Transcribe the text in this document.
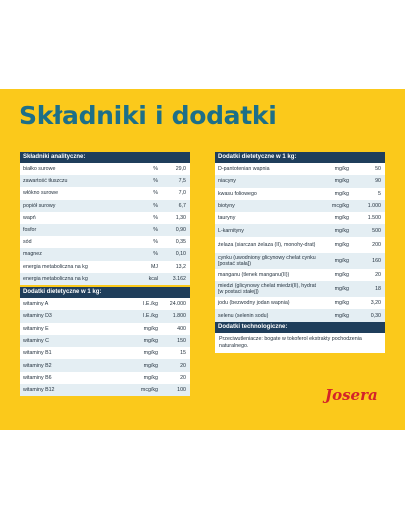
Składniki i dodatki
Składniki analityczne:
białko surowe	%	29,0
zawartość tłuszczu	%	7,5
włókno surowe	%	7,0
popiół surowy	%	6,7
wapń	%	1,30
fosfor	%	0,90
sód	%	0,35
magnez	%	0,10
energia metaboliczna na kg	MJ	13,2
energia metaboliczna na kg	kcal	3.162
Dodatki dietetyczne w 1 kg:
witaminy A	I.E./kg	24.000
witaminy D3	I.E./kg	1.800
witaminy E	mg/kg	400
witaminy C	mg/kg	150
witaminy B1	mg/kg	15
witaminy B2	mg/kg	20
witaminy B6	mg/kg	20
witaminy B12	mcg/kg	100
Dodatki dietetyczne w 1 kg:
D-pantotenian wapnia	mg/kg	50
niacyny	mg/kg	90
kwasu foliowego	mg/kg	5
biotyny	mcg/kg	1.000
tauryny	mg/kg	1.500
L-karnityny	mg/kg	500
żelaza (siarczan żelaza (II), monohy-drat)	mg/kg	200
cynku (uwodniony glicynowy chelat cynku [postać stała])	mg/kg	160
manganu (tlenek manganu(II))	mg/kg	20
miedzi (glicynowy chelat miedzi(II), hydrat [w postaci stałej])	mg/kg	18
jodu (bezwodny jodan wapnia)	mg/kg	3,20
selenu (selenin sodu)	mg/kg	0,30
Dodatki technologiczne:
Przeciwutleniacze: bogate w tokoferol ekstrakty pochodzenia naturalnego.
Josera
